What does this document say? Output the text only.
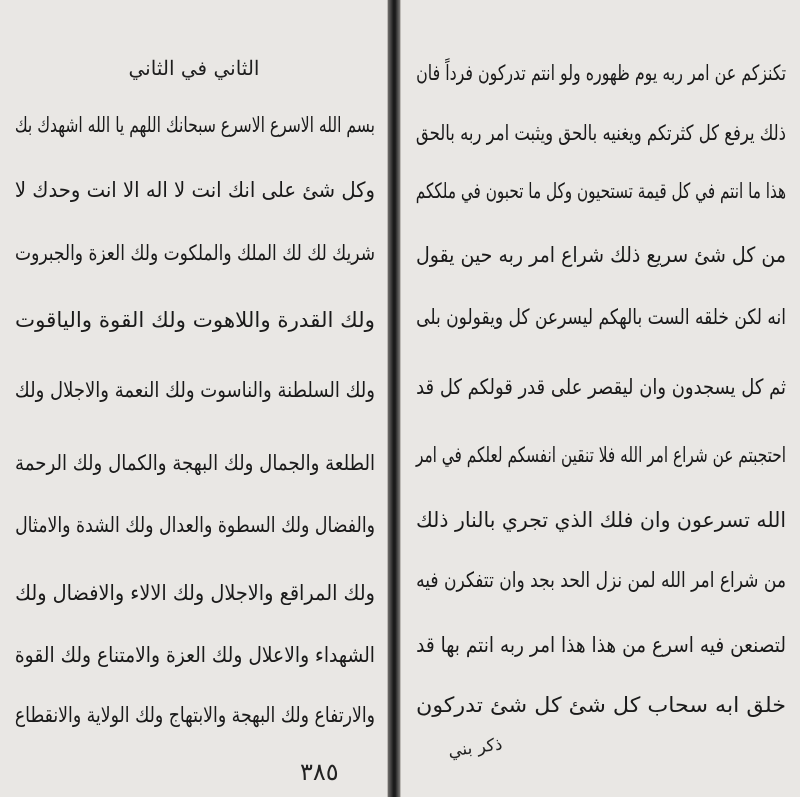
الثاني في الثاني
بسم الله الاسرع الاسرع سبحانك اللهم يا الله اشهدك بك
وكل شئ على انك انت لا اله الا انت وحدك لا
شريك لك لك الملك والملكوت ولك العزة والجبروت
ولك القدرة واللاهوت ولك القوة والياقوت
ولك السلطنة والناسوت ولك النعمة والاجلال ولك
الطلعة والجمال ولك البهجة والكمال ولك الرحمة
والفضال ولك السطوة والعدال ولك الشدة والامثال
ولك المراقع والاجلال ولك الالاء والافضال ولك
الشهداء والاعلال ولك العزة والامتناع ولك القوة
والارتفاع ولك البهجة والابتهاج ولك الولاية والانقطاع
٣٨٥
تكنزكم عن امر ربه يوم ظهوره ولو انتم تدركون فرداً فان
ذلك يرفع كل كثرتكم ويغنيه بالحق ويثبت امر ربه بالحق
هذا ما انتم في كل قيمة تستحيون وكل ما تحبون في ملككم
من كل شئ سريع ذلك شراع امر ربه حين يقول
انه لكن خلقه الست بالهكم ليسرعن كل ويقولون بلى
ثم كل يسجدون وان ليقصر على قدر قولكم كل قد
احتجبتم عن شراع امر الله فلا تنقين انفسكم لعلكم في امر
الله تسرعون وان فلك الذي تجري بالنار ذلك
من شراع امر الله لمن نزل الحد بجد وان تتفكرن فيه
لتصنعن فيه اسرع من هذا هذا امر ربه انتم بها قد
خلق ابه سحاب كل شئ كل شئ تدركون
ذكر بني
